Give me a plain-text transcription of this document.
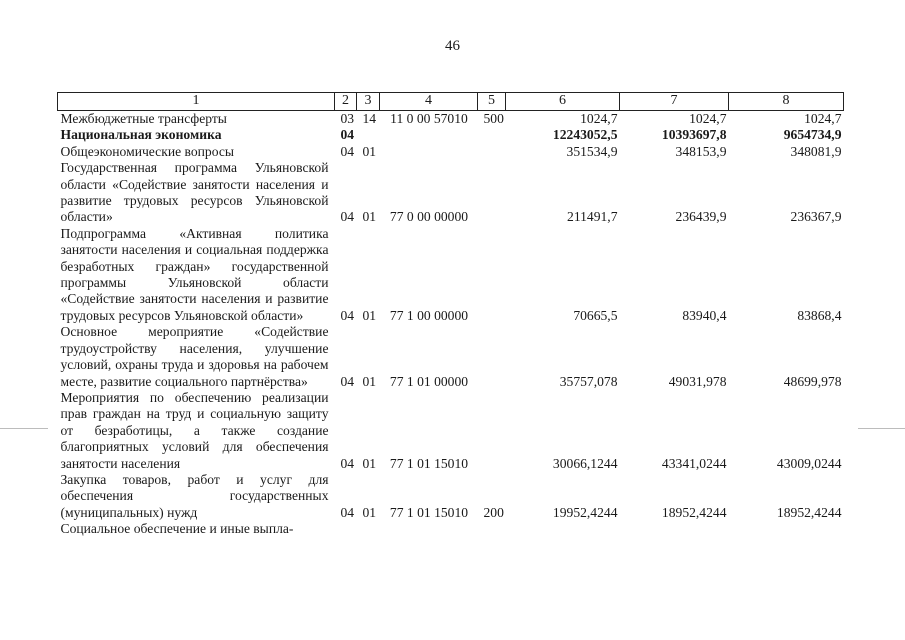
46
1	2	3	4	5	6	7	8
Межбюджетные трансферты	03	14	11 0 00 57010	500	1024,7	1024,7	1024,7
Национальная экономика	04				12243052,5	10393697,8	9654734,9
Общеэкономические вопросы	04	01			351534,9	348153,9	348081,9
Государственная программа Ульяновской области «Содействие занятости населения и развитие трудовых ресурсов Ульяновской области»	04	01	77 0 00 00000		211491,7	236439,9	236367,9
Подпрограмма «Активная политика занятости населения и социальная поддержка безработных граждан» государственной программы Ульяновской области «Содействие занятости населения и развитие трудовых ресурсов Ульяновской области»	04	01	77 1 00 00000		70665,5	83940,4	83868,4
Основное мероприятие «Содействие трудоустройству населения, улучшение условий, охраны труда и здоровья на рабочем месте, развитие социального партнёрства»	04	01	77 1 01 00000		35757,078	49031,978	48699,978
Мероприятия по обеспечению реализации прав граждан на труд и социальную защиту от безработицы, а также создание благоприятных условий для обеспечения занятости населения	04	01	77 1 01 15010		30066,1244	43341,0244	43009,0244
Закупка товаров, работ и услуг для обеспечения государственных (муниципальных) нужд	04	01	77 1 01 15010	200	19952,4244	18952,4244	18952,4244
Социальное обеспечение и иные выпла-							
